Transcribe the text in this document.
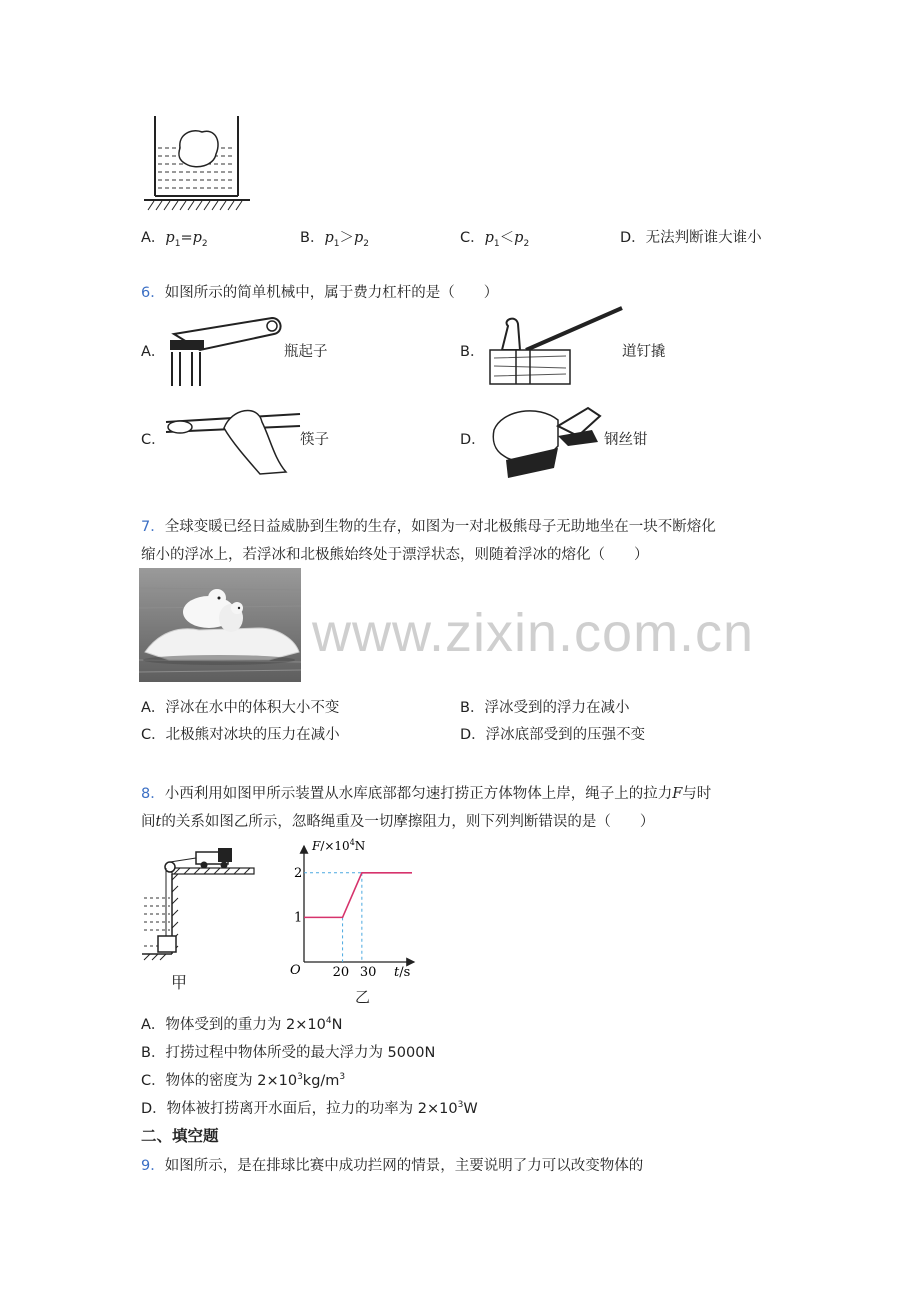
A．$p_1=p_2$	B．$p_1>p_2$	C．$p_1<p_2$	D．无法判断谁大谁小
6．如图所示的简单机械中，属于费力杠杆的是（　　）
A．	瓶起子	B．	道钉撬
C．	筷子	D．	钢丝钳
7．全球变暖已经日益威胁到生物的生存，如图为一对北极熊母子无助地坐在一块不断熔化
缩小的浮冰上，若浮冰和北极熊始终处于漂浮状态，则随着浮冰的熔化（　　）
www.zixin.com.cn
A．浮冰在水中的体积大小不变	B．浮冰受到的浮力在减小
C．北极熊对冰块的压力在减小	D．浮冰底部受到的压强不变
8．小西利用如图甲所示装置从水库底部都匀速打捞正方体物体上岸，绳子上的拉力F与时
间t的关系如图乙所示，忽略绳重及一切摩擦阻力，则下列判断错误的是（　　）
甲
20 30
1
2
$F/\times 10^4N$
O	t/s
乙
A．物体受到的重力为 $2\times 10^4N$
B．打捞过程中物体所受的最大浮力为 5000N
C．物体的密度为 $2\times 10^3kg/m^3$
D．物体被打捞离开水面后，拉力的功率为 $2\times 10^3W$
二、填空题
9．如图所示，是在排球比赛中成功拦网的情景，主要说明了力可以改变物体的
